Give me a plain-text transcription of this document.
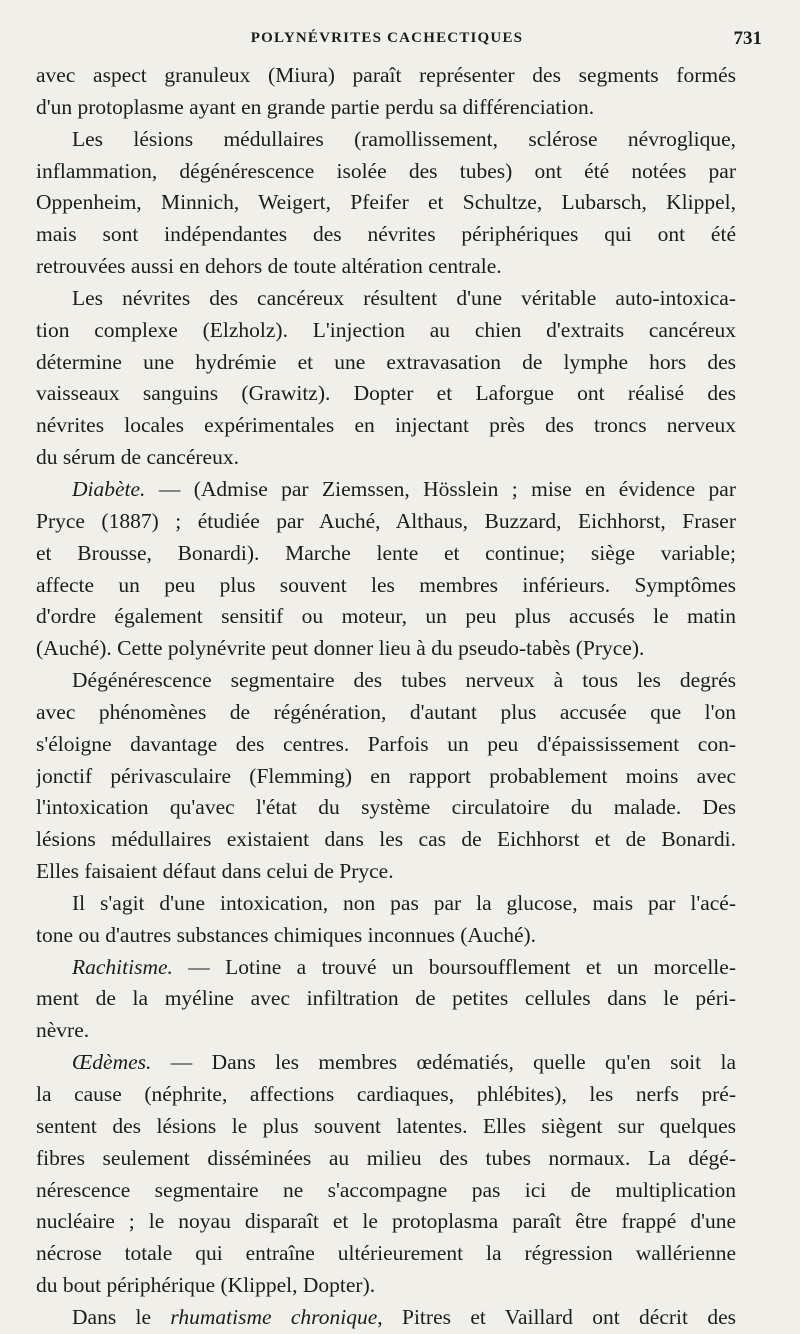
POLYNÉVRITES CACHECTIQUES	731
avec aspect granuleux (Miura) paraît représenter des segments formés
d'un protoplasme ayant en grande partie perdu sa différenciation.
Les lésions médullaires (ramollissement, sclérose névroglique,
inflammation, dégénérescence isolée des tubes) ont été notées par
Oppenheim, Minnich, Weigert, Pfeifer et Schultze, Lubarsch, Klippel,
mais sont indépendantes des névrites périphériques qui ont été
retrouvées aussi en dehors de toute altération centrale.
Les névrites des cancéreux résultent d'une véritable auto-intoxica-
tion complexe (Elzholz). L'injection au chien d'extraits cancéreux
détermine une hydrémie et une extravasation de lymphe hors des
vaisseaux sanguins (Grawitz). Dopter et Laforgue ont réalisé des
névrites locales expérimentales en injectant près des troncs nerveux
du sérum de cancéreux.
Diabète. — (Admise par Ziemssen, Hösslein ; mise en évidence par
Pryce (1887) ; étudiée par Auché, Althaus, Buzzard, Eichhorst, Fraser
et Brousse, Bonardi). Marche lente et continue; siège variable;
affecte un peu plus souvent les membres inférieurs. Symptômes
d'ordre également sensitif ou moteur, un peu plus accusés le matin
(Auché). Cette polynévrite peut donner lieu à du pseudo-tabès (Pryce).
Dégénérescence segmentaire des tubes nerveux à tous les degrés
avec phénomènes de régénération, d'autant plus accusée que l'on
s'éloigne davantage des centres. Parfois un peu d'épaississement con-
jonctif périvasculaire (Flemming) en rapport probablement moins avec
l'intoxication qu'avec l'état du système circulatoire du malade. Des
lésions médullaires existaient dans les cas de Eichhorst et de Bonardi.
Elles faisaient défaut dans celui de Pryce.
Il s'agit d'une intoxication, non pas par la glucose, mais par l'acé-
tone ou d'autres substances chimiques inconnues (Auché).
Rachitisme. — Lotine a trouvé un boursoufflement et un morcelle-
ment de la myéline avec infiltration de petites cellules dans le péri-
nèvre.
Œdèmes. — Dans les membres œdématiés, quelle qu'en soit la
la cause (néphrite, affections cardiaques, phlébites), les nerfs pré-
sentent des lésions le plus souvent latentes. Elles siègent sur quelques
fibres seulement disséminées au milieu des tubes normaux. La dégé-
nérescence segmentaire ne s'accompagne pas ici de multiplication
nucléaire ; le noyau disparaît et le protoplasma paraît être frappé d'une
nécrose totale qui entraîne ultérieurement la régression wallérienne
du bout périphérique (Klippel, Dopter).
Dans le rhumatisme chronique, Pitres et Vaillard ont décrit des
